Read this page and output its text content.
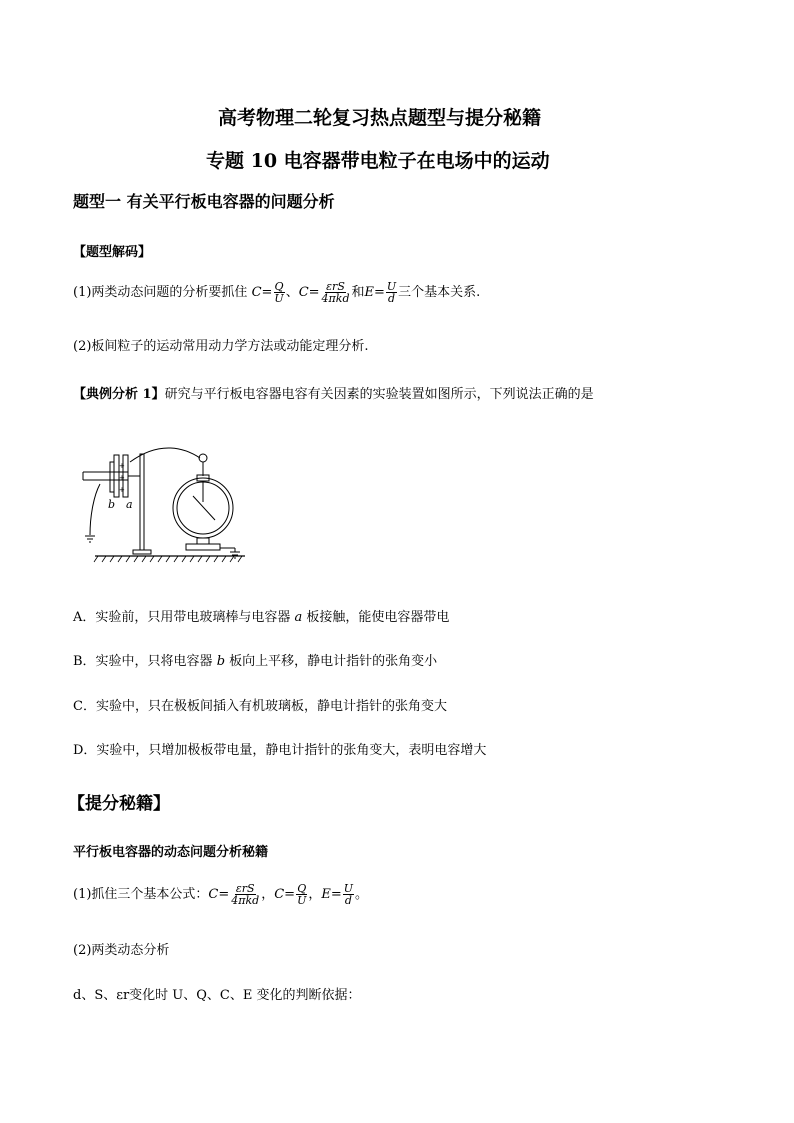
高考物理二轮复习热点题型与提分秘籍
专题 10 电容器带电粒子在电场中的运动
题型一 有关平行板电容器的问题分析
【题型解码】
(1)两类动态问题的分析要抓住 $C= \frac{Q}{U}$ 、$C= \frac{\text{εrS}}{\text{4πkd}}$ 和$E= \frac{U}{d}$ 三个基本关系.
(2)板间粒子的运动常用动力学方法或动能定理分析.
【典例分析 1】研究与平行板电容器电容有关因素的实验装置如图所示，下列说法正确的是
+
+
+
b a
A．实验前，只用带电玻璃棒与电容器 a 板接触，能使电容器带电
B．实验中，只将电容器 b 板向上平移，静电计指针的张角变小
C．实验中，只在极板间插入有机玻璃板，静电计指针的张角变大
D．实验中，只增加极板带电量，静电计指针的张角变大，表明电容增大
【提分秘籍】
平行板电容器的动态问题分析秘籍
(1)抓住三个基本公式：$C= \frac{\text{εrS}}{\text{4πkd}}$ ，$C= \frac{Q}{U}$ ，$E= \frac{U}{d}$ 。
(2)两类动态分析
d、S、εr变化时 U、Q、C、E 变化的判断依据：
